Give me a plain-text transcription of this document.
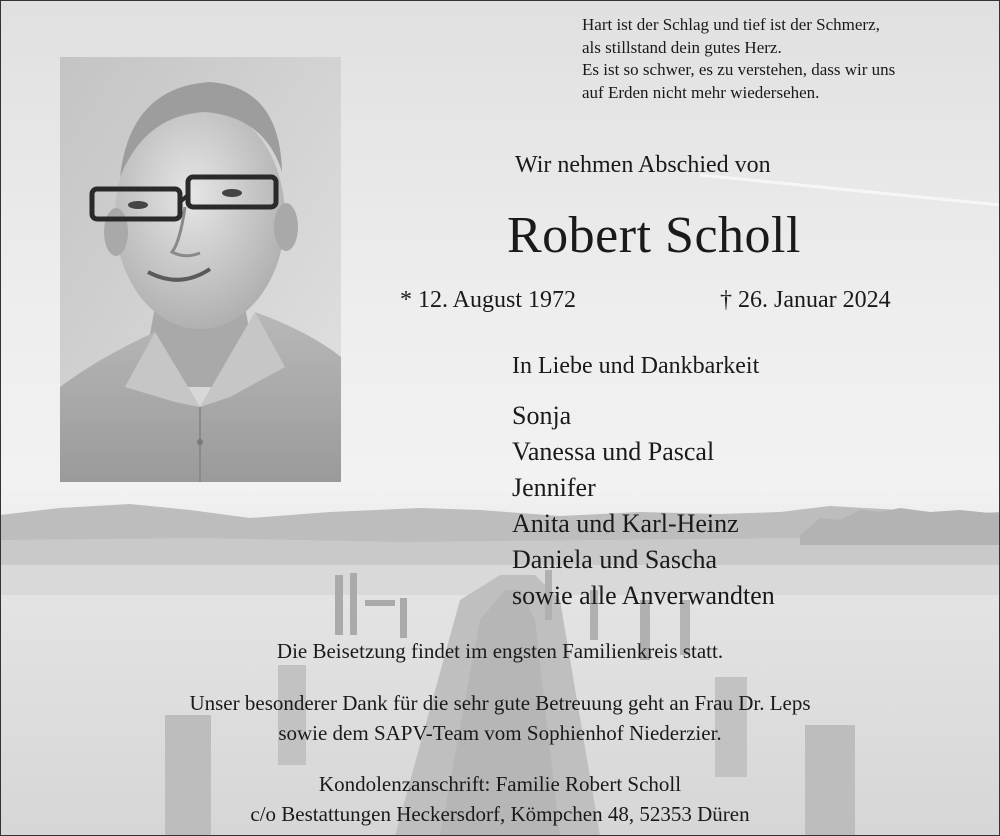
Hart ist der Schlag und tief ist der Schmerz,
als stillstand dein gutes Herz.
Es ist so schwer, es zu verstehen, dass wir uns
auf Erden nicht mehr wiedersehen.
Wir nehmen Abschied von
Robert Scholl
* 12. August 1972	† 26. Januar 2024
In Liebe und Dankbarkeit
Sonja
Vanessa und Pascal
Jennifer
Anita und Karl-Heinz
Daniela und Sascha
sowie alle Anverwandten
Die Beisetzung findet im engsten Familienkreis statt.
Unser besonderer Dank für die sehr gute Betreuung geht an Frau Dr. Leps
sowie dem SAPV-Team vom Sophienhof Niederzier.
Kondolenzanschrift: Familie Robert Scholl
c/o Bestattungen Heckersdorf, Kömpchen 48, 52353 Düren
